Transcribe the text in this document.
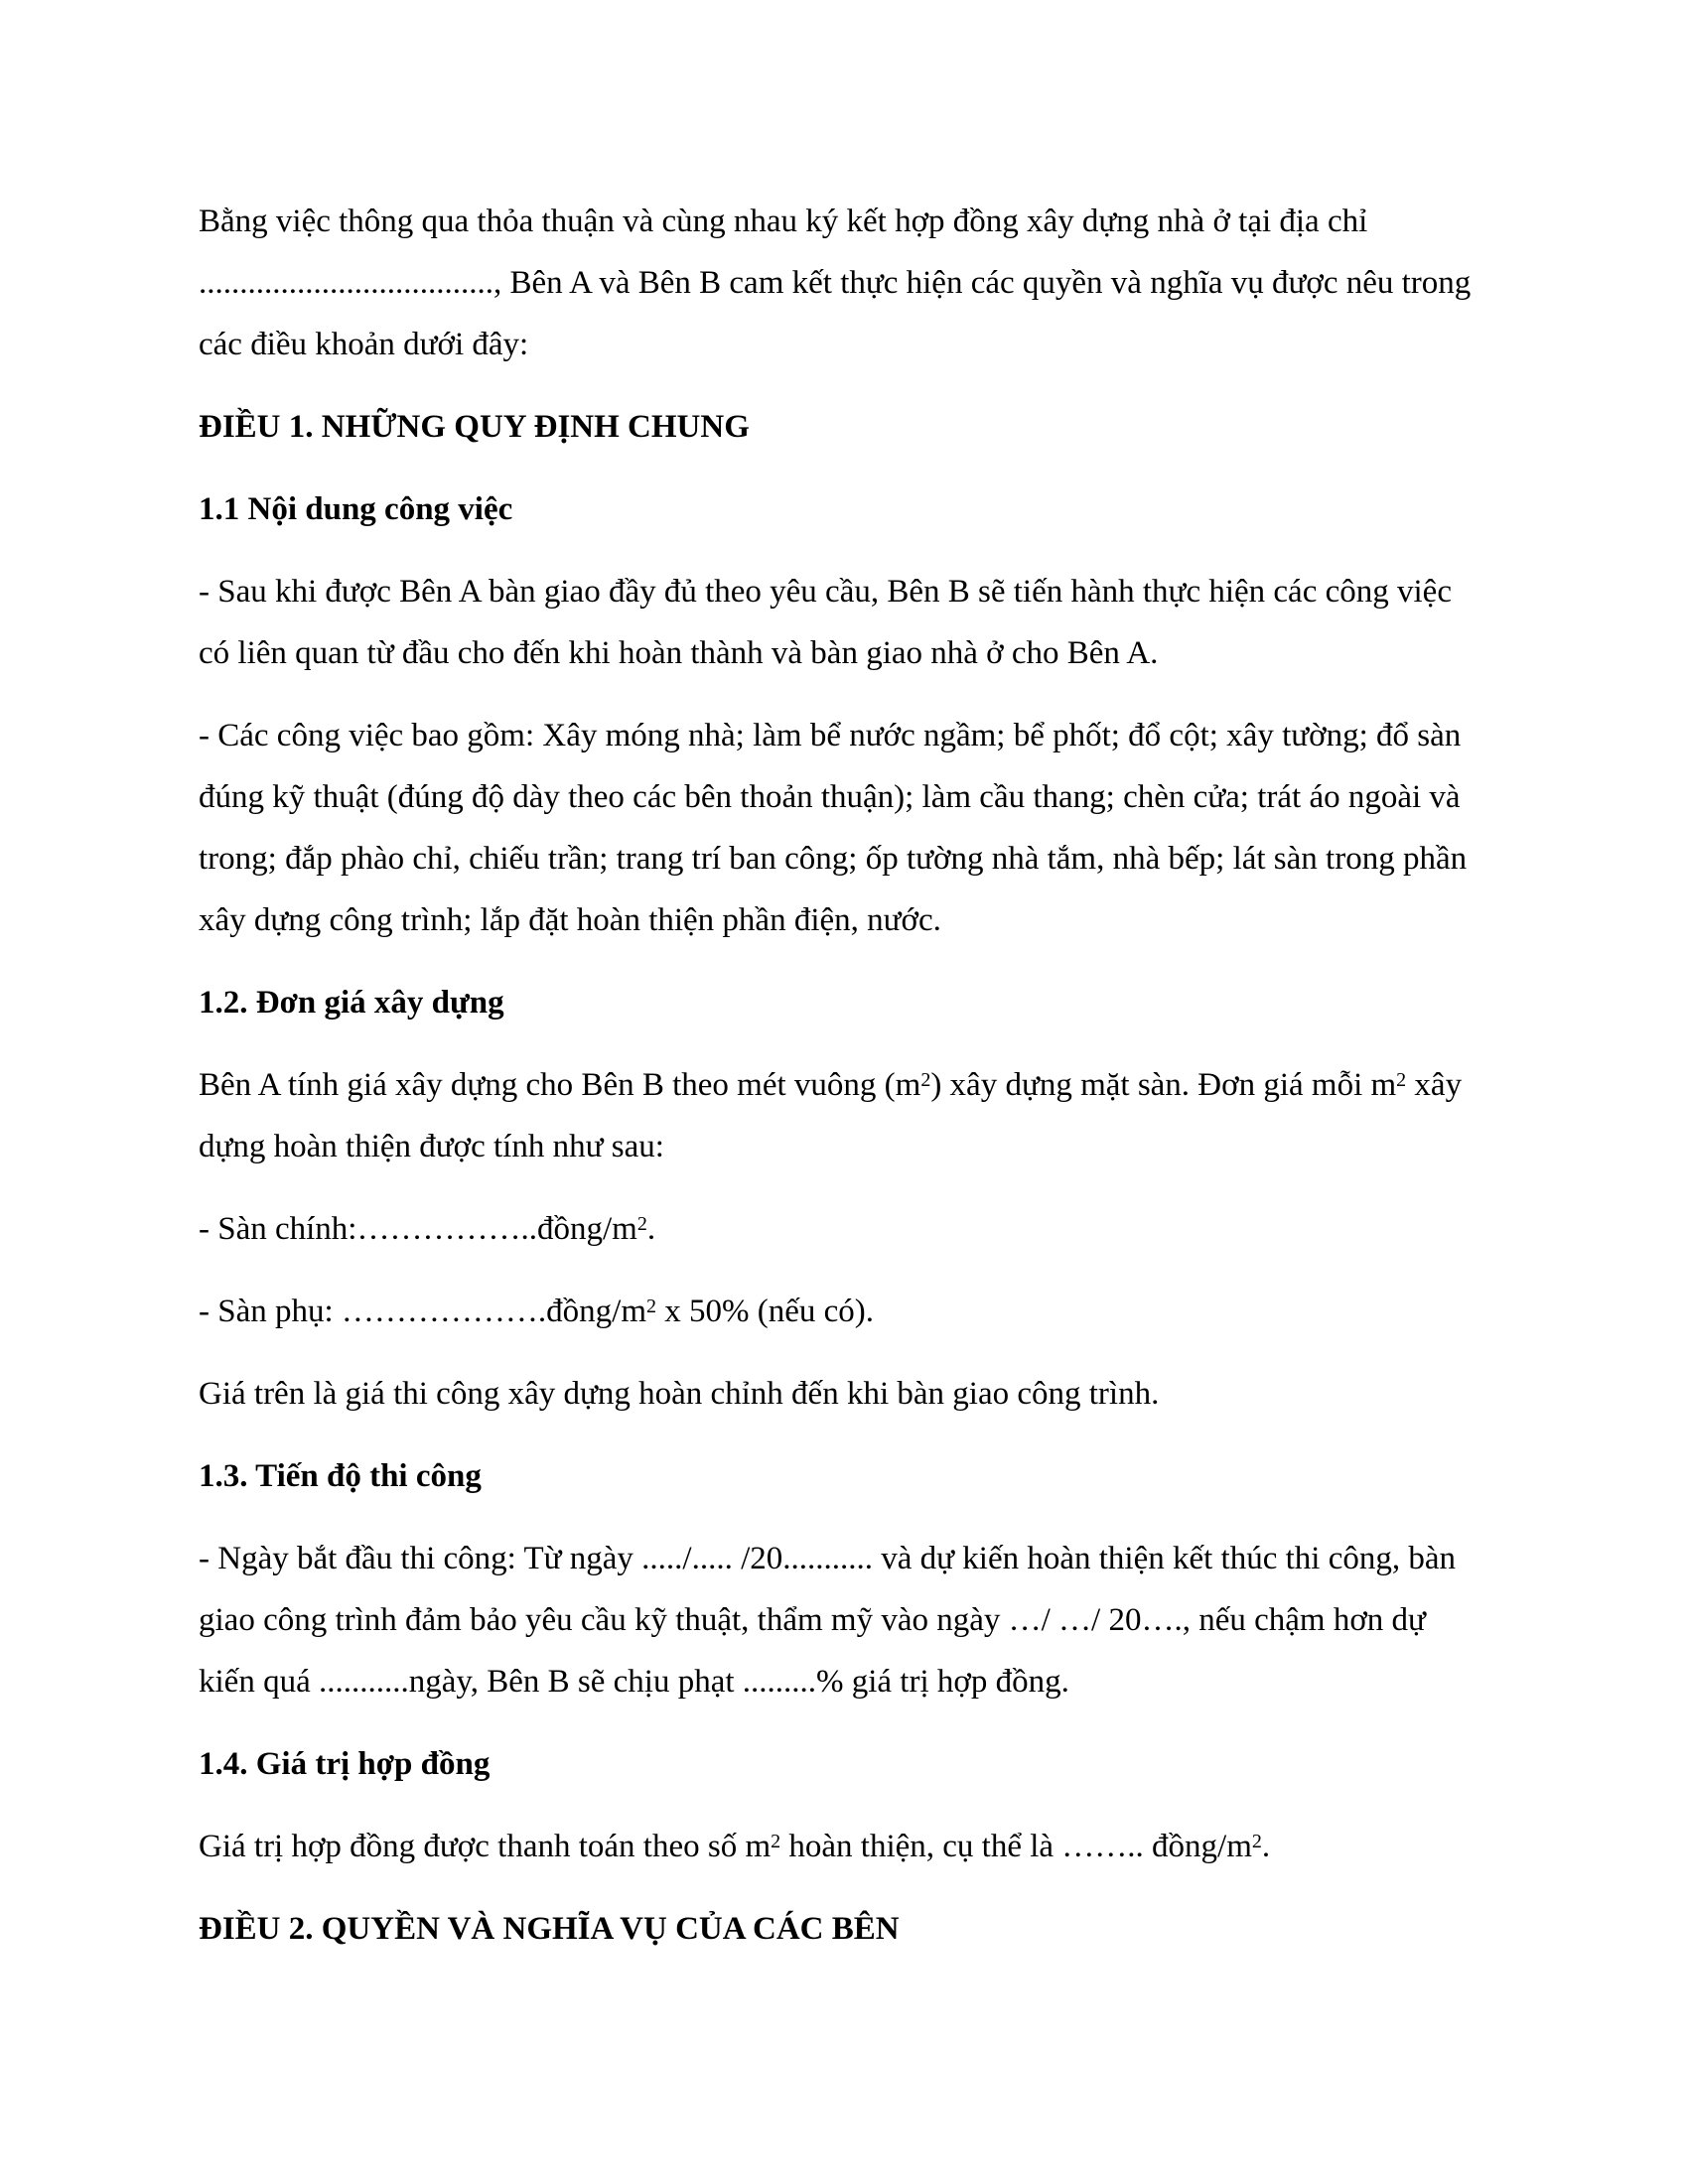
Bằng việc thông qua thỏa thuận và cùng nhau ký kết hợp đồng xây dựng nhà ở tại địa chỉ ...................................., Bên A và Bên B cam kết thực hiện các quyền và nghĩa vụ được nêu trong các điều khoản dưới đây:

ĐIỀU 1. NHỮNG QUY ĐỊNH CHUNG

1.1 Nội dung công việc

- Sau khi được Bên A bàn giao đầy đủ theo yêu cầu, Bên B sẽ tiến hành thực hiện các công việc có liên quan từ đầu cho đến khi hoàn thành và bàn giao nhà ở cho Bên A.

- Các công việc bao gồm: Xây móng nhà; làm bể nước ngầm; bể phốt; đổ cột; xây tường; đổ sàn đúng kỹ thuật (đúng độ dày theo các bên thoản thuận); làm cầu thang; chèn cửa; trát áo ngoài và trong; đắp phào chỉ, chiếu trần; trang trí ban công; ốp tường nhà tắm, nhà bếp; lát sàn trong phần xây dựng công trình; lắp đặt hoàn thiện phần điện, nước.

1.2. Đơn giá xây dựng

Bên A tính giá xây dựng cho Bên B theo mét vuông $(m^2)$ xây dựng mặt sàn. Đơn giá mỗi $m^2$ xây dựng hoàn thiện được tính như sau:

- Sàn $chính:\dots\dots\dots\dots\dots..đồng/m^2$.

- Sàn phụ: $\dots\dots\dots\dots\dots\dots.đồng/m^2$ x 50% (nếu có).

Giá trên là giá thi công xây dựng hoàn chỉnh đến khi bàn giao công trình.

1.3. Tiến độ thi công

- Ngày bắt đầu thi công: Từ ngày ...../..... /20........... và dự kiến hoàn thiện kết thúc thi công, bàn giao công trình đảm bảo yêu cầu kỹ thuật, thẩm mỹ vào ngày …/ …/ 20…., nếu chậm hơn dự kiến quá ...........ngày, Bên B sẽ chịu phạt .........% giá trị hợp đồng.

1.4. Giá trị hợp đồng

Giá trị hợp đồng được thanh toán theo số $m^2$ hoàn thiện, cụ thể là …….. đồng/$m^2$.

ĐIỀU 2. QUYỀN VÀ NGHĨA VỤ CỦA CÁC BÊN
